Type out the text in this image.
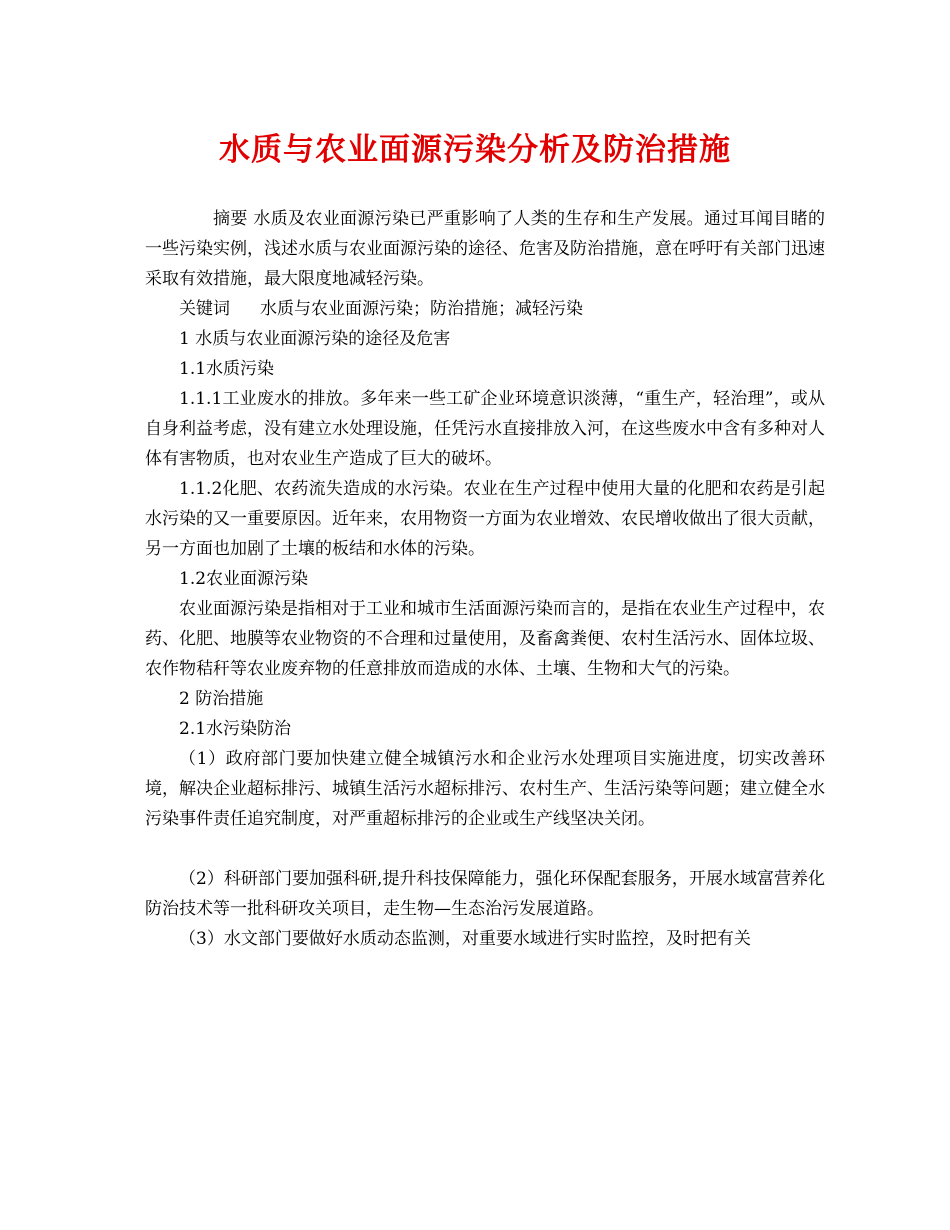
水质与农业面源污染分析及防治措施

摘要 水质及农业面源污染已严重影响了人类的生存和生产发展。通过耳闻目睹的一些污染实例，浅述水质与农业面源污染的途径、危害及防治措施，意在呼吁有关部门迅速采取有效措施，最大限度地减轻污染。

关键词 水质与农业面源污染；防治措施；减轻污染

1 水质与农业面源污染的途径及危害

1.1水质污染

1.1.1工业废水的排放。多年来一些工矿企业环境意识淡薄，“重生产，轻治理”，或从自身利益考虑，没有建立水处理设施，任凭污水直接排放入河，在这些废水中含有多种对人体有害物质，也对农业生产造成了巨大的破坏。

1.1.2化肥、农药流失造成的水污染。农业在生产过程中使用大量的化肥和农药是引起水污染的又一重要原因。近年来，农用物资一方面为农业增效、农民增收做出了很大贡献，另一方面也加剧了土壤的板结和水体的污染。

1.2农业面源污染

农业面源污染是指相对于工业和城市生活面源污染而言的，是指在农业生产过程中，农药、化肥、地膜等农业物资的不合理和过量使用，及畜禽粪便、农村生活污水、固体垃圾、农作物秸秆等农业废弃物的任意排放而造成的水体、土壤、生物和大气的污染。

2 防治措施

2.1水污染防治

（1）政府部门要加快建立健全城镇污水和企业污水处理项目实施进度，切实改善环境，解决企业超标排污、城镇生活污水超标排污、农村生产、生活污染等问题；建立健全水污染事件责任追究制度，对严重超标排污的企业或生产线坚决关闭。

（2）科研部门要加强科研,提升科技保障能力，强化环保配套服务，开展水域富营养化防治技术等一批科研攻关项目，走生物—生态治污发展道路。

（3）水文部门要做好水质动态监测，对重要水域进行实时监控，及时把有关
